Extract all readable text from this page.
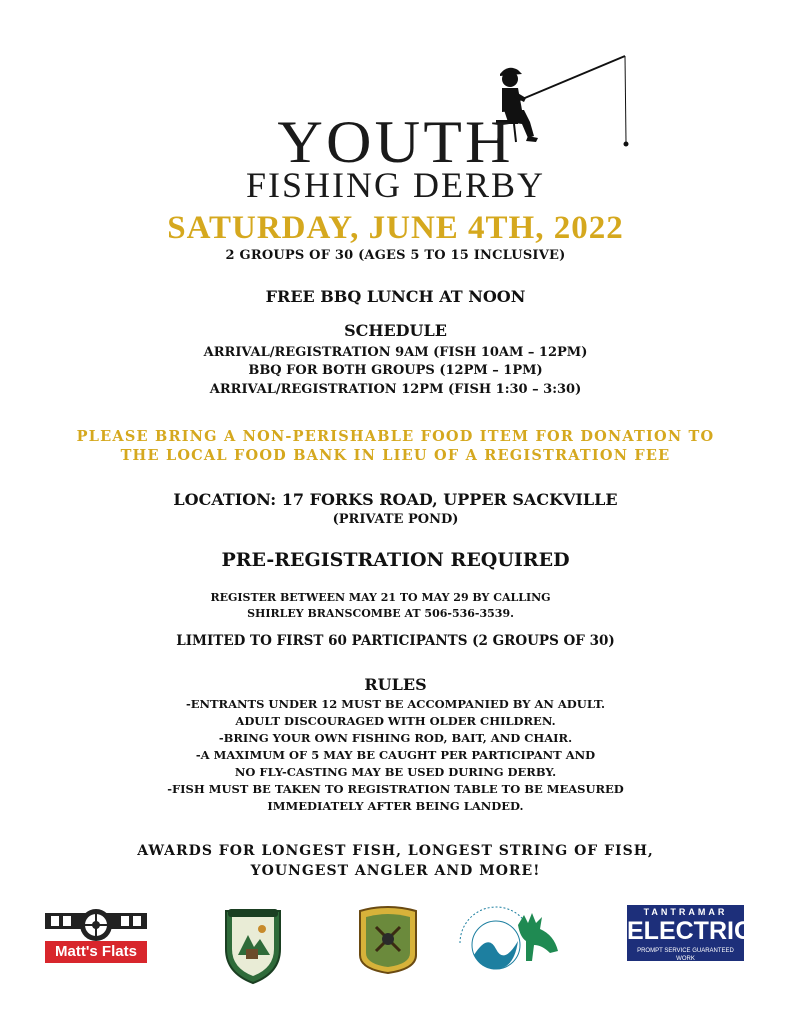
YOUTH
FISHING DERBY
SATURDAY, JUNE 4TH, 2022
2 GROUPS OF 30 (AGES 5 TO 15 INCLUSIVE)
FREE BBQ LUNCH AT NOON
SCHEDULE
ARRIVAL/REGISTRATION 9AM (FISH 10AM – 12PM)
BBQ FOR BOTH GROUPS (12PM – 1PM)
ARRIVAL/REGISTRATION 12PM (FISH 1:30 – 3:30)
PLEASE BRING A NON-PERISHABLE FOOD ITEM FOR DONATION TO
THE LOCAL FOOD BANK IN LIEU OF A REGISTRATION FEE
LOCATION: 17 FORKS ROAD, UPPER SACKVILLE
(PRIVATE POND)
PRE-REGISTRATION REQUIRED
REGISTER BETWEEN MAY 21 TO MAY 29 BY CALLING
SHIRLEY BRANSCOMBE AT 506-536-3539.
LIMITED TO FIRST 60 PARTICIPANTS (2 GROUPS OF 30)
RULES
-ENTRANTS UNDER 12 MUST BE ACCOMPANIED BY AN ADULT.
ADULT DISCOURAGED WITH OLDER CHILDREN.
-BRING YOUR OWN FISHING ROD, BAIT, AND CHAIR.
-A MAXIMUM OF 5 MAY BE CAUGHT PER PARTICIPANT AND
NO FLY-CASTING MAY BE USED DURING DERBY.
-FISH MUST BE TAKEN TO REGISTRATION TABLE TO BE MEASURED
IMMEDIATELY AFTER BEING LANDED.
AWARDS FOR LONGEST FISH, LONGEST STRING OF FISH,
YOUNGEST ANGLER AND MORE!
Matt's Flats
TANTRAMAR
ELECTRIC
PROMPT SERVICE GUARANTEED WORK
